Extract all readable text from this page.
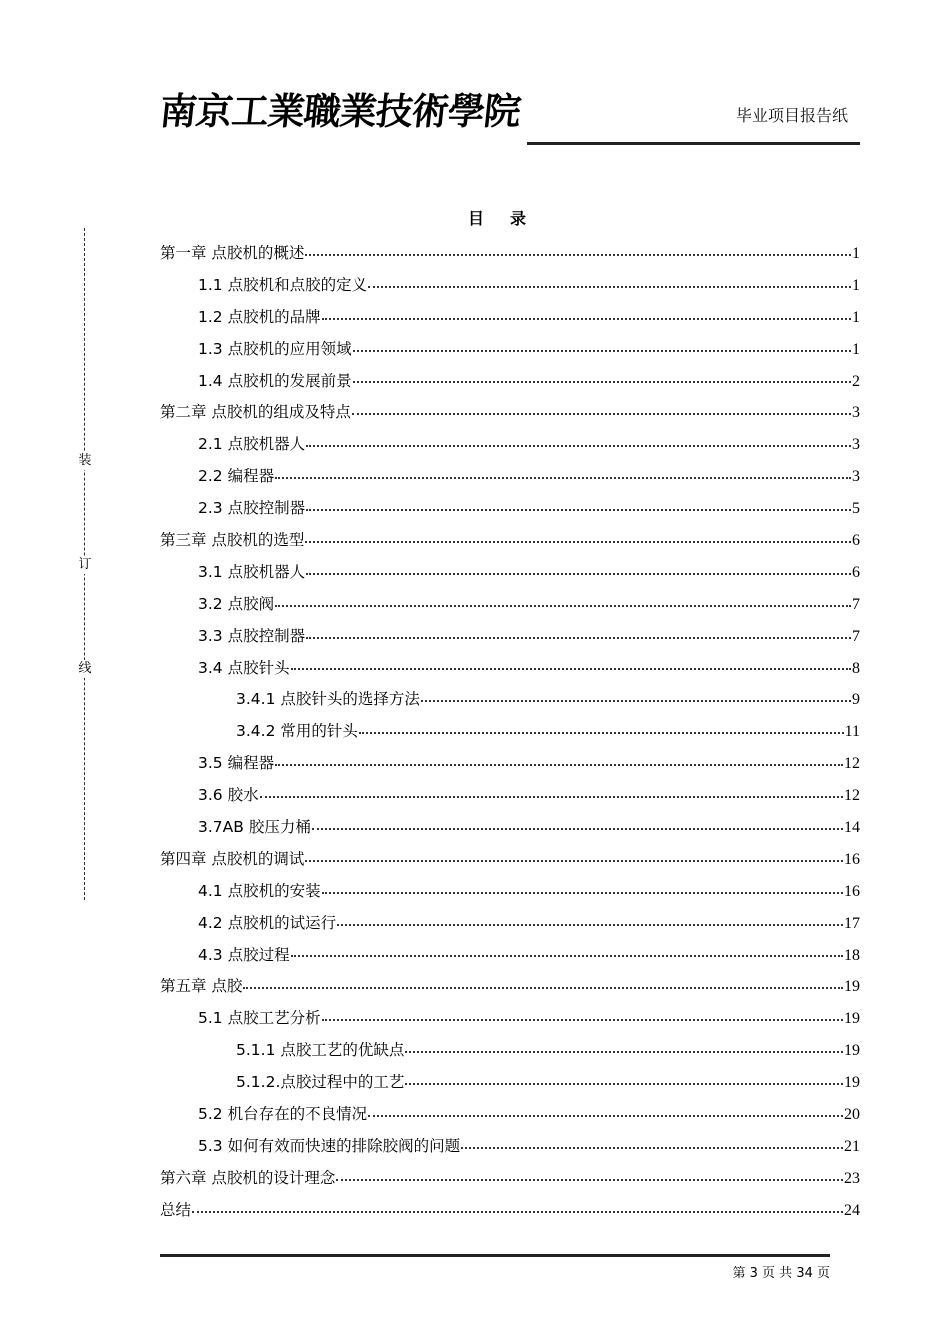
南京工業職業技術學院	毕业项目报告纸
装
订
线
目录
第一章 点胶机的概述	1
1.1 点胶机和点胶的定义	1
1.2 点胶机的品牌	1
1.3 点胶机的应用领域	1
1.4 点胶机的发展前景	2
第二章 点胶机的组成及特点	3
2.1 点胶机器人	3
2.2 编程器	3
2.3 点胶控制器	5
第三章 点胶机的选型	6
3.1 点胶机器人	6
3.2 点胶阀	7
3.3 点胶控制器	7
3.4 点胶针头	8
3.4.1 点胶针头的选择方法	9
3.4.2 常用的针头	11
3.5 编程器	12
3.6 胶水	12
3.7AB 胶压力桶	14
第四章 点胶机的调试	16
4.1 点胶机的安装	16
4.2 点胶机的试运行	17
4.3 点胶过程	18
第五章 点胶	19
5.1 点胶工艺分析	19
5.1.1 点胶工艺的优缺点	19
5.1.2.点胶过程中的工艺	19
5.2 机台存在的不良情况	20
5.3 如何有效而快速的排除胶阀的问题	21
第六章 点胶机的设计理念	23
总结	24
第 3 页 共 34 页
